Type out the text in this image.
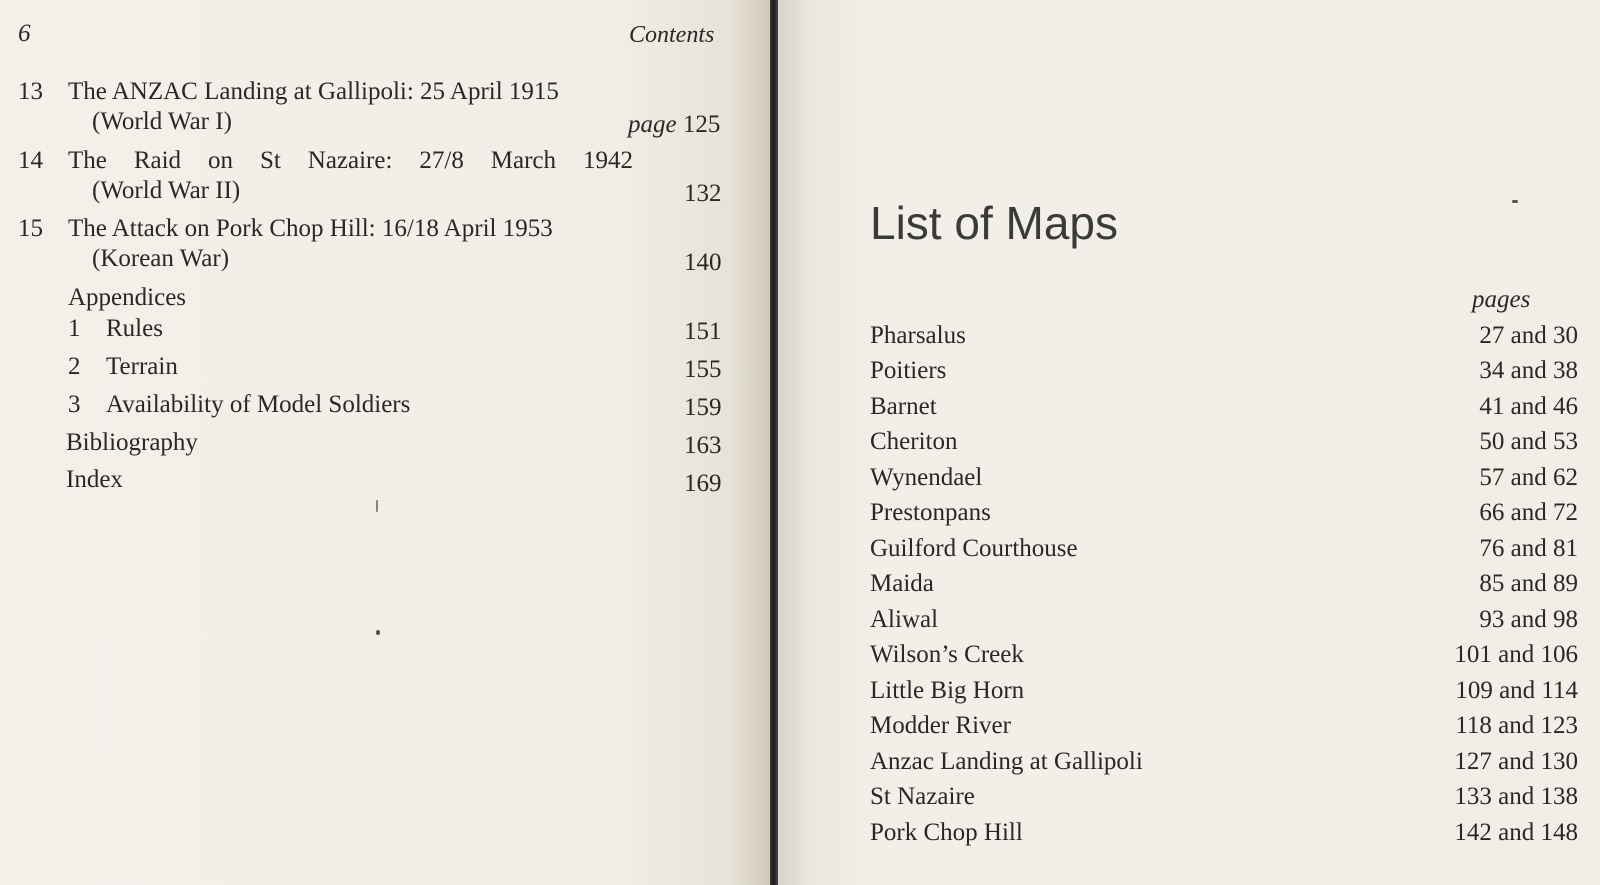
6	Contents
13 The ANZAC Landing at Gallipoli: 25 April 1915
(World War I)	page 125
14 The Raid on St Nazaire: 27/8 March 1942
(World War II)	132
15 The Attack on Pork Chop Hill: 16/18 April 1953
(Korean War)	140
Appendices
1 Rules	151
2 Terrain	155
3 Availability of Model Soldiers	159
Bibliography	163
Index	169
List of Maps
pages
Pharsalus	27 and 30
Poitiers	34 and 38
Barnet	41 and 46
Cheriton	50 and 53
Wynendael	57 and 62
Prestonpans	66 and 72
Guilford Courthouse	76 and 81
Maida	85 and 89
Aliwal	93 and 98
Wilson’s Creek	101 and 106
Little Big Horn	109 and 114
Modder River	118 and 123
Anzac Landing at Gallipoli	127 and 130
St Nazaire	133 and 138
Pork Chop Hill	142 and 148
